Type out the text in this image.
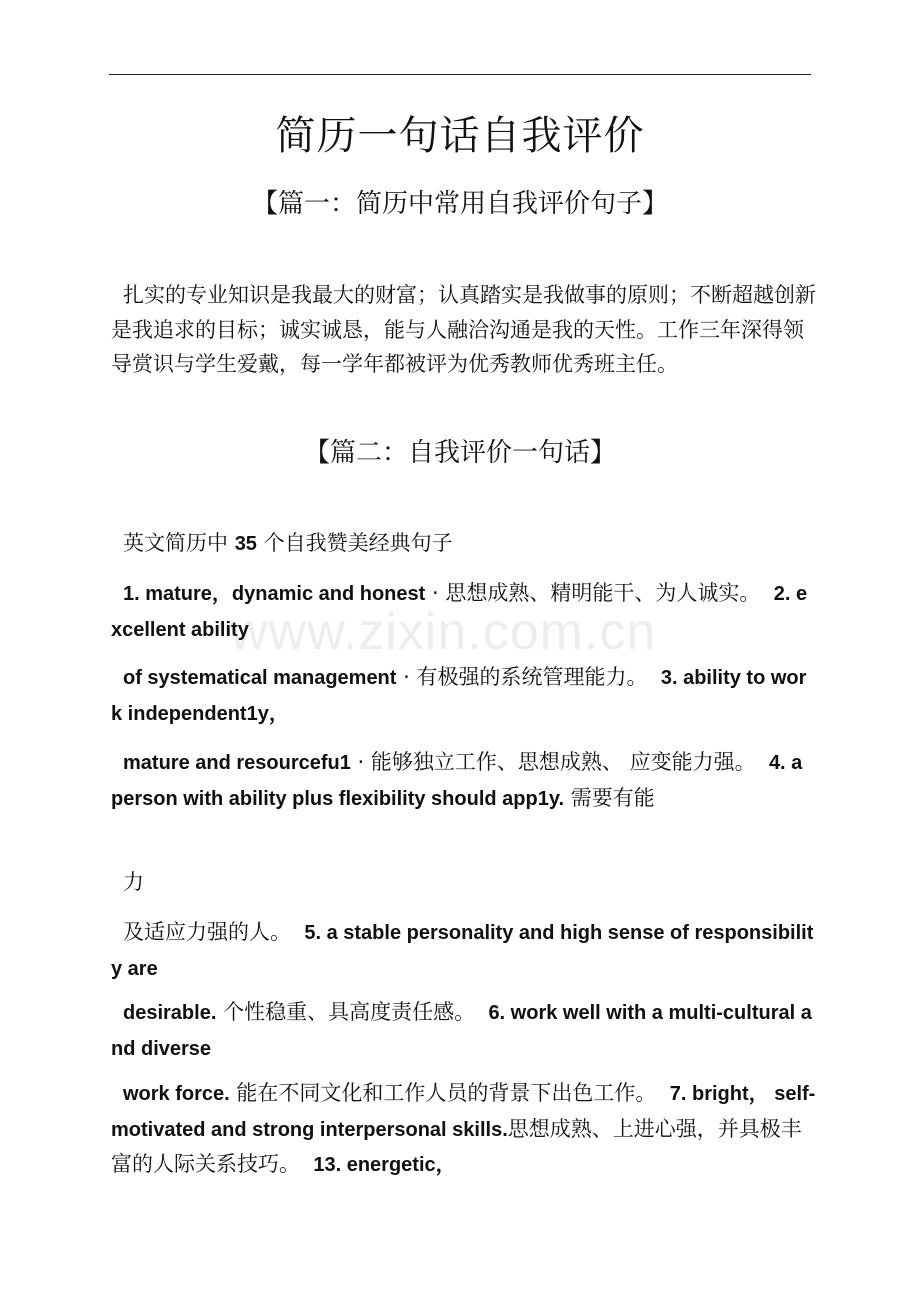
简历一句话自我评价
【篇一：简历中常用自我评价句子】
扎实的专业知识是我最大的财富；认真踏实是我做事的原则；不断超越创新是我追求的目标；诚实诚恳，能与人融洽沟通是我的天性。工作三年深得领导赏识与学生爱戴，每一学年都被评为优秀教师优秀班主任。
【篇二：自我评价一句话】
英文简历中 35 个自我赞美经典句子
1. mature，dynamic and honest · 思想成熟、精明能干、为人诚实。 2. excellent ability
of systematical management · 有极强的系统管理能力。 3. ability to work independent1y，
mature and resourcefu1 · 能够独立工作、思想成熟、 应变能力强。 4. a person with ability plus flexibility should app1y. 需要有能
力
及适应力强的人。 5. a stable personality and high sense of responsibility are
desirable. 个性稳重、具高度责任感。 6. work well with a multi-cultural and diverse
work force. 能在不同文化和工作人员的背景下出色工作。 7. bright， self-motivated and strong interpersonal skills.思想成熟、上进心强，并具极丰富的人际关系技巧。 13. energetic，
www.zixin.com.cn
